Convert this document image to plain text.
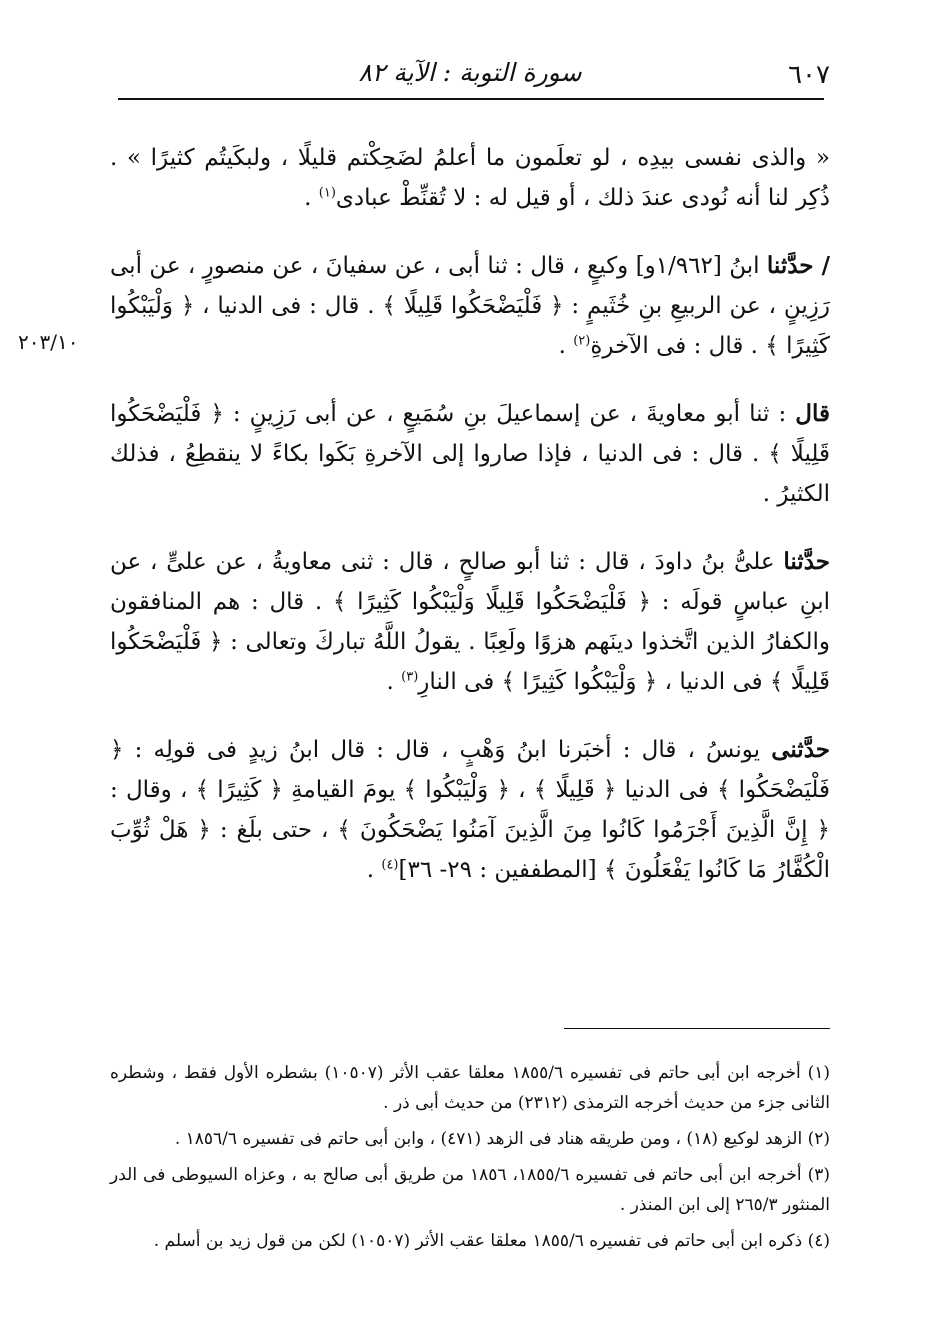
٦٠٧
سورة التوبة : الآية ٨٢
٢٠٣/١٠

« والذى نفسى بيدِه ، لو تعلَمون ما أعلمُ لضَحِكْتم قليلًا ، ولبكَيتُم كثيرًا » . ذُكِر لنا أنه نُودى عندَ ذلك ، أو قيل له : لا تُقنِّطْ عبادى$^{(١)}$ .

/ حدَّثنا ابنُ [١/٩٦٢و] وكيعٍ ، قال : ثنا أبى ، عن سفيانَ ، عن منصورٍ ، عن أبى رَزِينٍ ، عن الربيعِ بنِ خُثَيمٍ : ﴿ فَلْيَضْحَكُوا قَلِيلًا ﴾ . قال : فى الدنيا ، ﴿ وَلْيَبْكُوا كَثِيرًا ﴾ . قال : فى الآخرةِ$^{(٢)}$ .

قال : ثنا أبو معاويةَ ، عن إسماعيلَ بنِ سُمَيعٍ ، عن أبى رَزِينٍ : ﴿ فَلْيَضْحَكُوا قَلِيلًا ﴾ . قال : فى الدنيا ، فإذا صاروا إلى الآخرةِ بَكَوا بكاءً لا ينقطِعُ ، فذلك الكثيرُ .

حدَّثنا علىُّ بنُ داودَ ، قال : ثنا أبو صالحٍ ، قال : ثنى معاويةُ ، عن علىٍّ ، عن ابنِ عباسٍ قولَه : ﴿ فَلْيَضْحَكُوا قَلِيلًا وَلْيَبْكُوا كَثِيرًا ﴾ . قال : هم المنافقون والكفارُ الذين اتَّخذوا دينَهم هزوًا ولَعِبًا . يقولُ اللَّهُ تباركَ وتعالى : ﴿ فَلْيَضْحَكُوا قَلِيلًا ﴾ فى الدنيا ، ﴿ وَلْيَبْكُوا كَثِيرًا ﴾ فى النارِ$^{(٣)}$ .

حدَّثنى يونسُ ، قال : أخبَرنا ابنُ وَهْبٍ ، قال : قال ابنُ زيدٍ فى قولِه : ﴿ فَلْيَضْحَكُوا ﴾ فى الدنيا ﴿ قَلِيلًا ﴾ ، ﴿ وَلْيَبْكُوا ﴾ يومَ القيامةِ ﴿ كَثِيرًا ﴾ ، وقال : ﴿ إِنَّ الَّذِينَ أَجْرَمُوا كَانُوا مِنَ الَّذِينَ آمَنُوا يَضْحَكُونَ ﴾ ، حتى بلَغ : ﴿ هَلْ ثُوِّبَ الْكُفَّارُ مَا كَانُوا يَفْعَلُونَ ﴾ [المطففين : ٢٩- ٣٦]$^{(٤)}$ .

(١) أخرجه ابن أبى حاتم فى تفسيره ١٨٥٥/٦ معلقا عقب الأثر (١٠٥٠٧) بشطره الأول فقط ، وشطره الثانى جزء من حديث أخرجه الترمذى (٢٣١٢) من حديث أبى ذر .

(٢) الزهد لوكيع (١٨) ، ومن طريقه هناد فى الزهد (٤٧١) ، وابن أبى حاتم فى تفسيره ١٨٥٦/٦ .

(٣) أخرجه ابن أبى حاتم فى تفسيره ١٨٥٥/٦، ١٨٥٦ من طريق أبى صالح به ، وعزاه السيوطى فى الدر المنثور ٢٦٥/٣ إلى ابن المنذر .

(٤) ذكره ابن أبى حاتم فى تفسيره ١٨٥٥/٦ معلقا عقب الأثر (١٠٥٠٧) لكن من قول زيد بن أسلم .
